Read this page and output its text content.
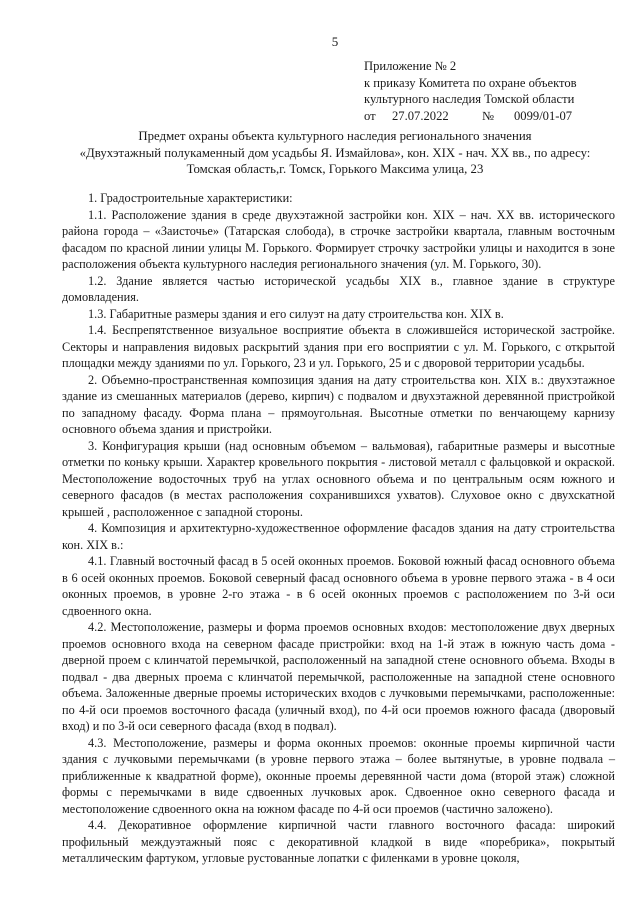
5
Приложение № 2
к приказу Комитета по охране объектов
культурного наследия Томской области
от 27.07.2022	№ 0099/01-07
Предмет охраны объекта культурного наследия регионального значения
«Двухэтажный полукаменный дом усадьбы Я. Измайлова», кон. XIX - нач. XX вв., по адресу:
Томская область,г. Томск, Горького Максима улица, 23

1. Градостроительные характеристики:

1.1. Расположение здания в среде двухэтажной застройки кон. XIX – нач. XX вв. исторического района города – «Заисточье» (Татарская слобода), в строчке застройки квартала, главным восточным фасадом по красной линии улицы М. Горького. Формирует строчку застройки улицы и находится в зоне расположения объекта культурного наследия регионального значения (ул. М. Горького, 30).

1.2. Здание является частью исторической усадьбы XIX в., главное здание в структуре домовладения.

1.3. Габаритные размеры здания и его силуэт на дату строительства кон. XIX в.

1.4. Беспрепятственное визуальное восприятие объекта в сложившейся исторической застройке. Секторы и направления видовых раскрытий здания при его восприятии с ул. М. Горького, с открытой площадки между зданиями по ул. Горького, 23 и ул. Горького, 25 и с дворовой территории усадьбы.

2. Объемно-пространственная композиция здания на дату строительства кон. XIX в.: двухэтажное здание из смешанных материалов (дерево, кирпич) с подвалом и двухэтажной деревянной пристройкой по западному фасаду. Форма плана – прямоугольная. Высотные отметки по венчающему карнизу основного объема здания и пристройки.

3. Конфигурация крыши (над основным объемом – вальмовая), габаритные размеры и высотные отметки по коньку крыши. Характер кровельного покрытия - листовой металл с фальцовкой и окраской. Местоположение водосточных труб на углах основного объема и по центральным осям южного и северного фасадов (в местах расположения сохранившихся ухватов). Слуховое окно с двухскатной крышей , расположенное с западной стороны.

4. Композиция и архитектурно-художественное оформление фасадов здания на дату строительства кон. XIX в.:

4.1. Главный восточный фасад в 5 осей оконных проемов. Боковой южный фасад основного объема в 6 осей оконных проемов. Боковой северный фасад основного объема в уровне первого этажа - в 4 оси оконных проемов, в уровне 2-го этажа - в 6 осей оконных проемов с расположением по 3-й оси сдвоенного окна.

4.2. Местоположение, размеры и форма проемов основных входов: местоположение двух дверных проемов основного входа на северном фасаде пристройки: вход на 1-й этаж в южную часть дома - дверной проем с клинчатой перемычкой, расположенный на западной стене основного объема. Входы в подвал - два дверных проема с клинчатой перемычкой, расположенные на западной стене основного объема. Заложенные дверные проемы исторических входов с лучковыми перемычками, расположенные: по 4-й оси проемов восточного фасада (уличный вход), по 4-й оси проемов южного фасада (дворовый вход) и по 3-й оси северного фасада (вход в подвал).

4.3. Местоположение, размеры и форма оконных проемов: оконные проемы кирпичной части здания с лучковыми перемычками (в уровне первого этажа – более вытянутые, в уровне подвала – приближенные к квадратной форме), оконные проемы деревянной части дома (второй этаж) сложной формы с перемычками в виде сдвоенных лучковых арок. Сдвоенное окно северного фасада и местоположение сдвоенного окна на южном фасаде по 4-й оси проемов (частично заложено).

4.4. Декоративное оформление кирпичной части главного восточного фасада: широкий профильный междуэтажный пояс с декоративной кладкой в виде «поребрика», покрытый металлическим фартуком, угловые рустованные лопатки с филенками в уровне цоколя,
